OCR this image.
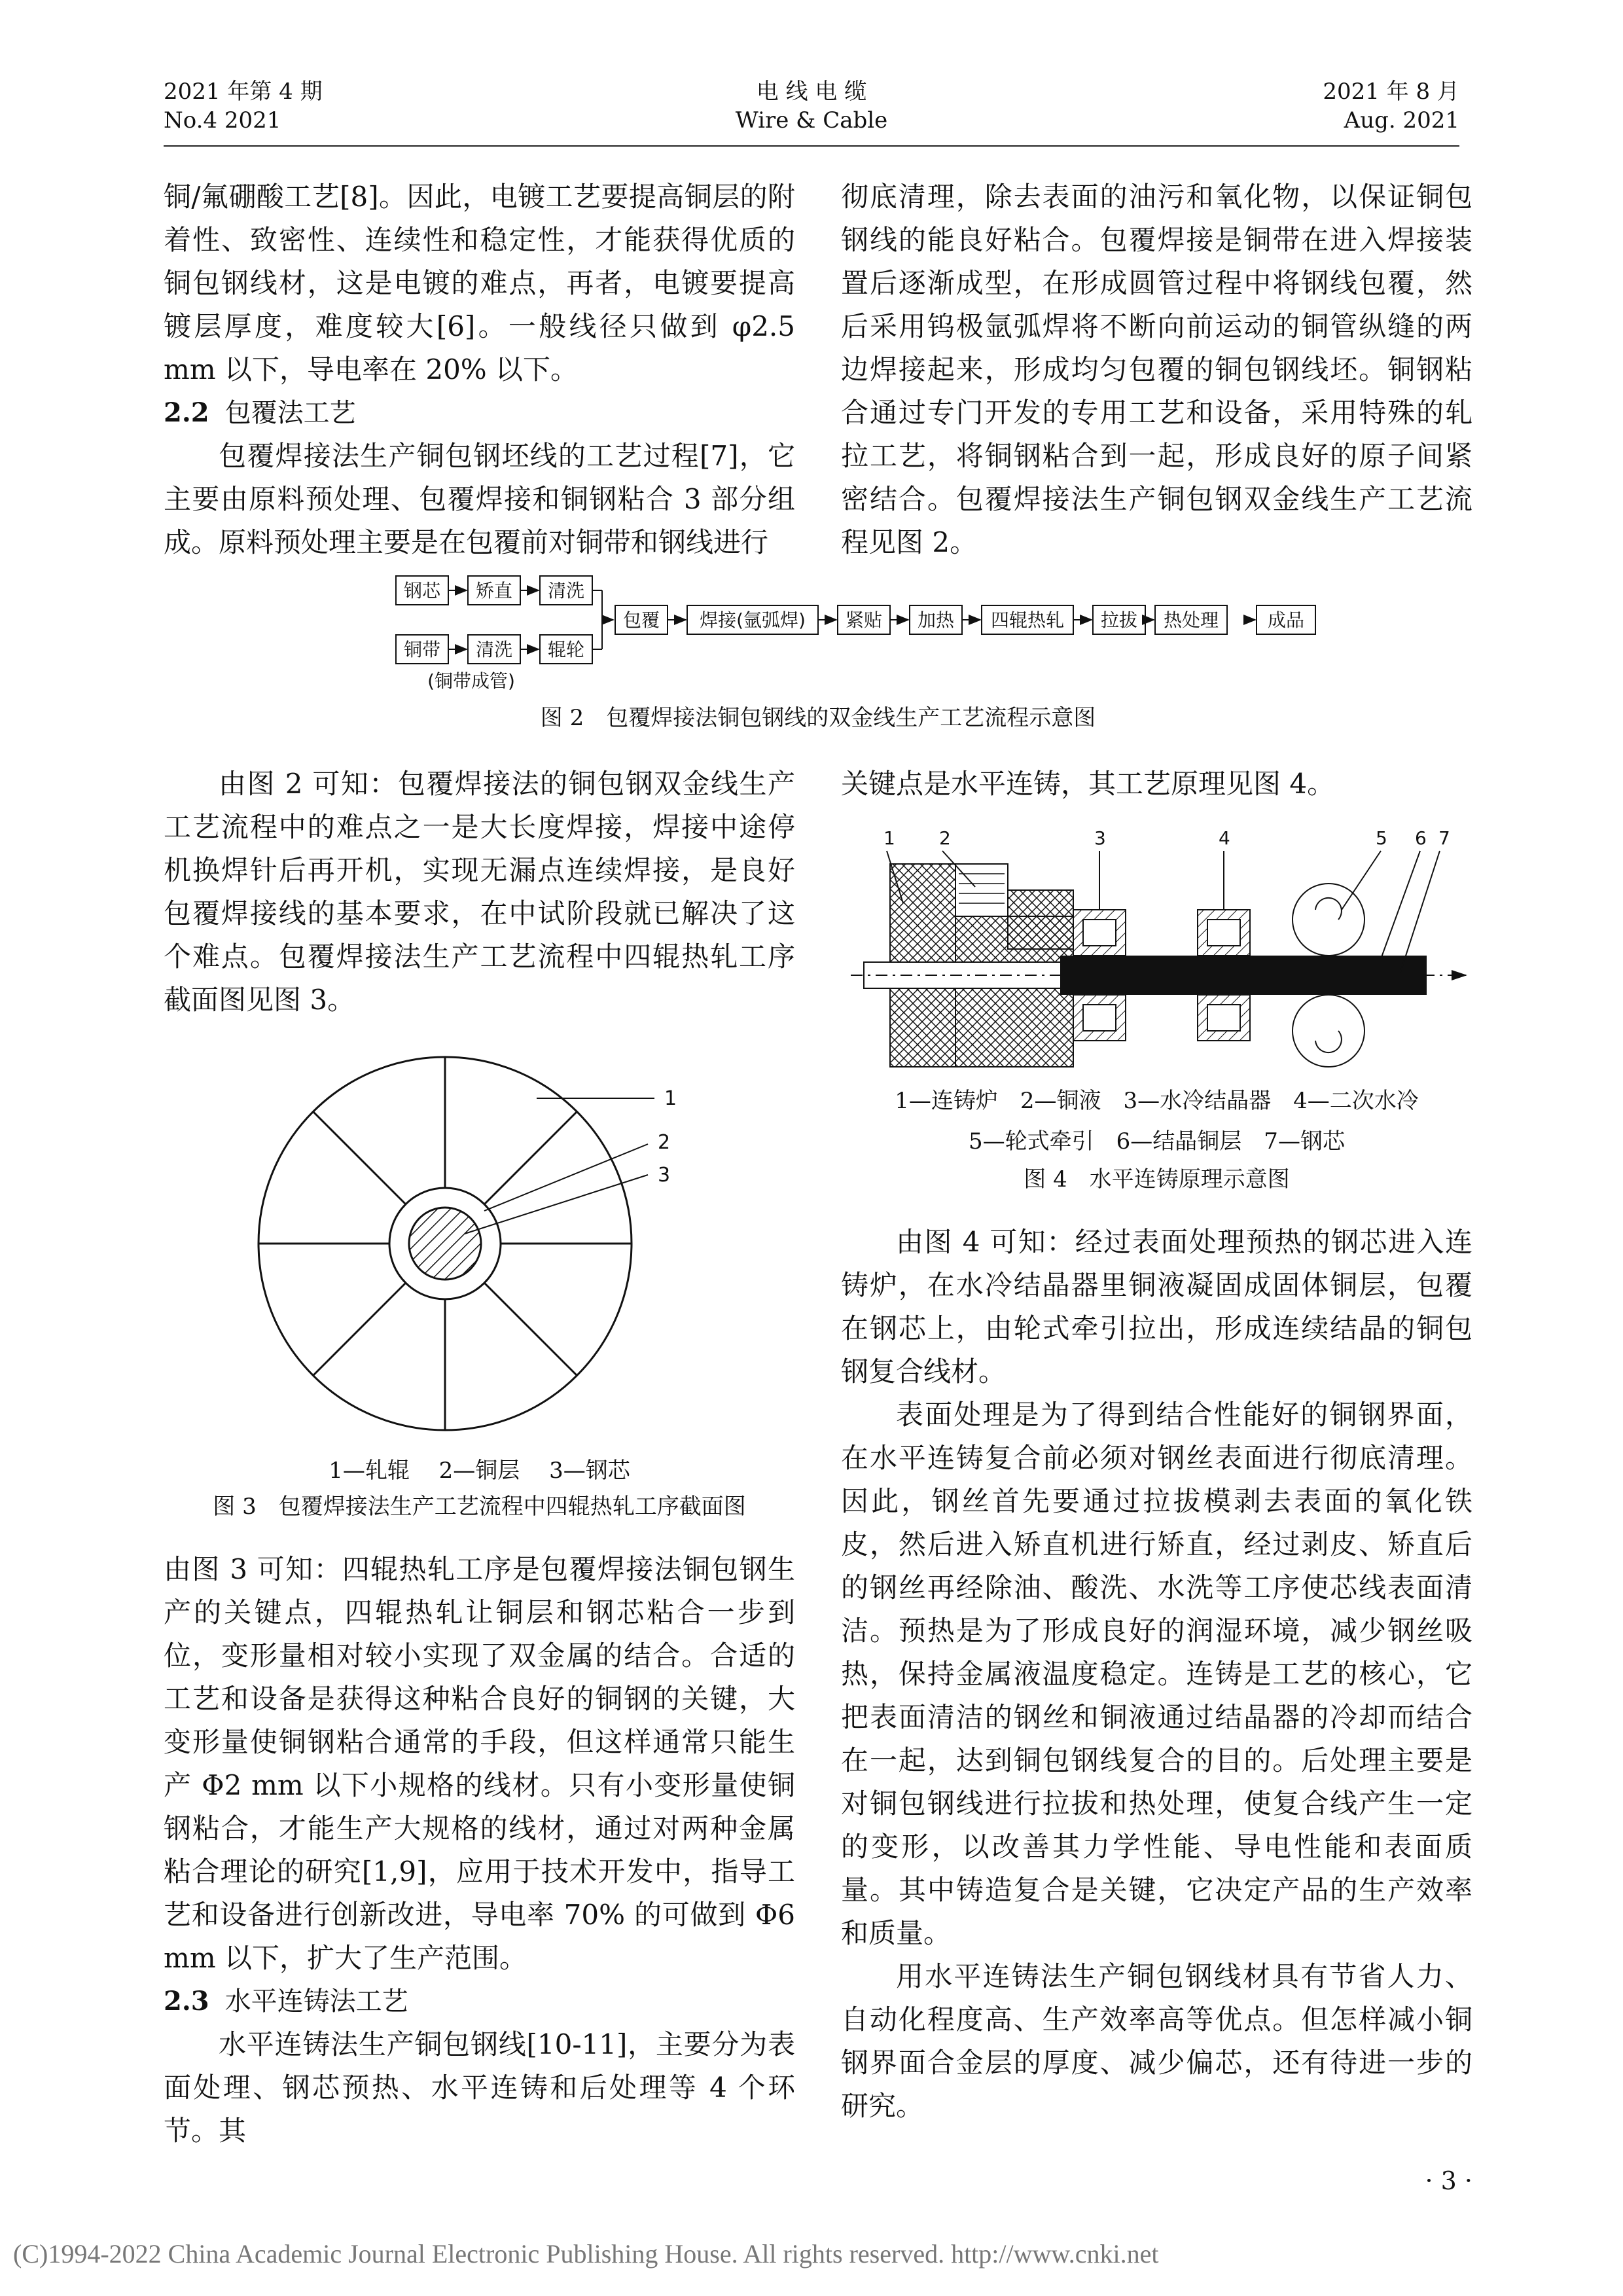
2021 年第 4 期
No.4 2021
电 线 电 缆
Wire & Cable
2021 年 8 月
Aug. 2021

铜/氟硼酸工艺[8]。因此，电镀工艺要提高铜层的附着性、致密性、连续性和稳定性，才能获得优质的铜包钢线材，这是电镀的难点，再者，电镀要提高镀层厚度，难度较大[6]。一般线径只做到 φ2.5 mm 以下，导电率在 20% 以下。

2.2 包覆法工艺

包覆焊接法生产铜包钢坯线的工艺过程[7]，它主要由原料预处理、包覆焊接和铜钢粘合 3 部分组成。原料预处理主要是在包覆前对铜带和钢线进行

彻底清理，除去表面的油污和氧化物，以保证铜包钢线的能良好粘合。包覆焊接是铜带在进入焊接装置后逐渐成型，在形成圆管过程中将钢线包覆，然后采用钨极氩弧焊将不断向前运动的铜管纵缝的两边焊接起来，形成均匀包覆的铜包钢线坯。铜钢粘合通过专门开发的专用工艺和设备，采用特殊的轧拉工艺，将铜钢粘合到一起，形成良好的原子间紧密结合。包覆焊接法生产铜包钢双金线生产工艺流程见图 2。

钢芯 矫直 清洗
铜带 清洗 辊轮
(铜带成管)
包覆 焊接(氩弧焊) 紧贴 加热 四辊热轧 拉拔 热处理	成品
图 2　包覆焊接法铜包钢线的双金线生产工艺流程示意图

由图 2 可知：包覆焊接法的铜包钢双金线生产工艺流程中的难点之一是大长度焊接，焊接中途停机换焊针后再开机，实现无漏点连续焊接，是良好包覆焊接线的基本要求，在中试阶段就已解决了这个难点。包覆焊接法生产工艺流程中四辊热轧工序截面图见图 3。

1
2
3
1—轧辊　 2—铜层　 3—钢芯
图 3　包覆焊接法生产工艺流程中四辊热轧工序截面图

由图 3 可知：四辊热轧工序是包覆焊接法铜包钢生产的关键点，四辊热轧让铜层和钢芯粘合一步到位，变形量相对较小实现了双金属的结合。合适的工艺和设备是获得这种粘合良好的铜钢的关键，大变形量使铜钢粘合通常的手段，但这样通常只能生产 Φ2 mm 以下小规格的线材。只有小变形量使铜钢粘合，才能生产大规格的线材，通过对两种金属粘合理论的研究[1,9]，应用于技术开发中，指导工艺和设备进行创新改进，导电率 70% 的可做到 Φ6 mm 以下，扩大了生产范围。

2.3 水平连铸法工艺

水平连铸法生产铜包钢线[10-11]，主要分为表面处理、钢芯预热、水平连铸和后处理等 4 个环节。其

关键点是水平连铸，其工艺原理见图 4。

1 2	3	4	5 6 7
1—连铸炉　2—铜液　3—水冷结晶器　4—二次水冷
5—轮式牵引　6—结晶铜层　7—钢芯
图 4　水平连铸原理示意图

由图 4 可知：经过表面处理预热的钢芯进入连铸炉，在水冷结晶器里铜液凝固成固体铜层，包覆在钢芯上，由轮式牵引拉出，形成连续结晶的铜包钢复合线材。

表面处理是为了得到结合性能好的铜钢界面，在水平连铸复合前必须对钢丝表面进行彻底清理。因此，钢丝首先要通过拉拔模剥去表面的氧化铁皮，然后进入矫直机进行矫直，经过剥皮、矫直后的钢丝再经除油、酸洗、水洗等工序使芯线表面清洁。预热是为了形成良好的润湿环境，减少钢丝吸热，保持金属液温度稳定。连铸是工艺的核心，它把表面清洁的钢丝和铜液通过结晶器的冷却而结合在一起，达到铜包钢线复合的目的。后处理主要是对铜包钢线进行拉拔和热处理，使复合线产生一定的变形，以改善其力学性能、导电性能和表面质量。其中铸造复合是关键，它决定产品的生产效率和质量。

用水平连铸法生产铜包钢线材具有节省人力、自动化程度高、生产效率高等优点。但怎样减小铜钢界面合金层的厚度、减少偏芯，还有待进一步的研究。

· 3 ·
(C)1994-2022 China Academic Journal Electronic Publishing House. All rights reserved. http://www.cnki.net
